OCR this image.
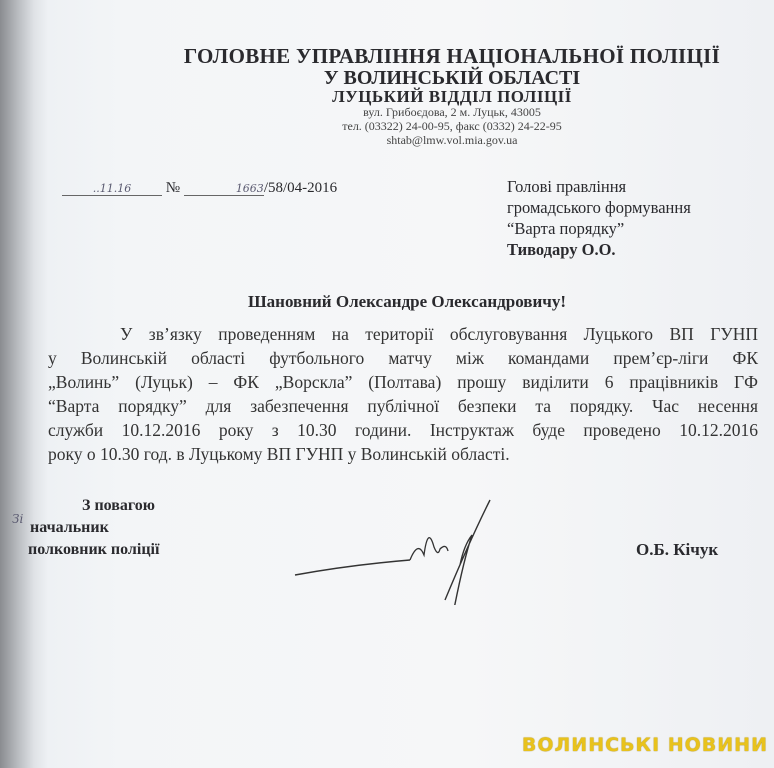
ГОЛОВНЕ УПРАВЛІННЯ НАЦІОНАЛЬНОЇ ПОЛІЦІЇ
У ВОЛИНСЬКІЙ ОБЛАСТІ
ЛУЦЬКИЙ ВІДДІЛ ПОЛІЦІЇ
вул. Грибоєдова, 2 м. Луцьк, 43005
тел. (03322) 24-00-95, факс (0332) 24-22-95
shtab@lmw.vol.mia.gov.ua
..11.16 №	1663/58/04-2016	Голові правління
громадського формування
“Варта порядку”
Тиводару О.О.
Шановний Олександре Олександровичу!
У зв’язку проведенням на території обслуговування Луцького ВП ГУНП
у Волинській області футбольного матчу між командами прем’єр-ліги ФК
„Волинь” (Луцьк) – ФК „Ворскла” (Полтава) прошу виділити 6 працівників ГФ
“Варта порядку” для забезпечення публічної безпеки та порядку. Час несення
служби 10.12.2016 року з 10.30 години. Інструктаж буде проведено 10.12.2016
року о 10.30 год. в Луцькому ВП ГУНП у Волинській області.
З повагою
Зі начальник
полковник поліції	О.Б. Кічук
ВОЛИНСЬКІ НОВИНИ
